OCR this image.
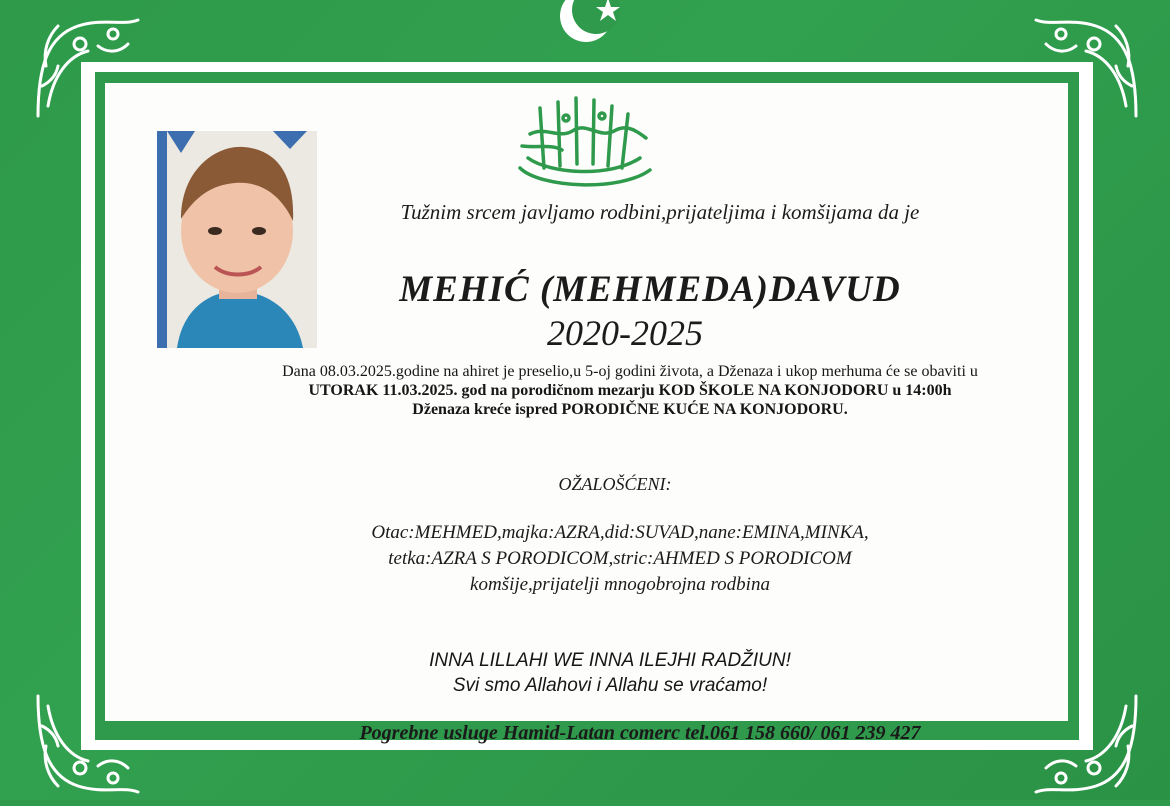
Tužnim srcem javljamo rodbini,prijateljima i komšijama da je
MEHIĆ (MEHMEDA)DAVUD
2020-2025
Dana 08.03.2025.godine na ahiret je preselio,u 5-oj godini života, a Dženaza i ukop merhuma će se obaviti u
UTORAK 11.03.2025. god na porodičnom mezarju KOD ŠKOLE NA KONJODORU u 14:00h
Dženaza kreće ispred PORODIČNE KUĆE NA KONJODORU.
OŽALOŠĆENI:
Otac:MEHMED,majka:AZRA,did:SUVAD,nane:EMINA,MINKA,
tetka:AZRA S PORODICOM,stric:AHMED S PORODICOM
komšije,prijatelji mnogobrojna rodbina
INNA LILLAHI WE INNA ILEJHI RADŽIUN!
Svi smo Allahovi i Allahu se vraćamo!
Pogrebne usluge Hamid-Latan comerc tel.061 158 660/ 061 239 427
